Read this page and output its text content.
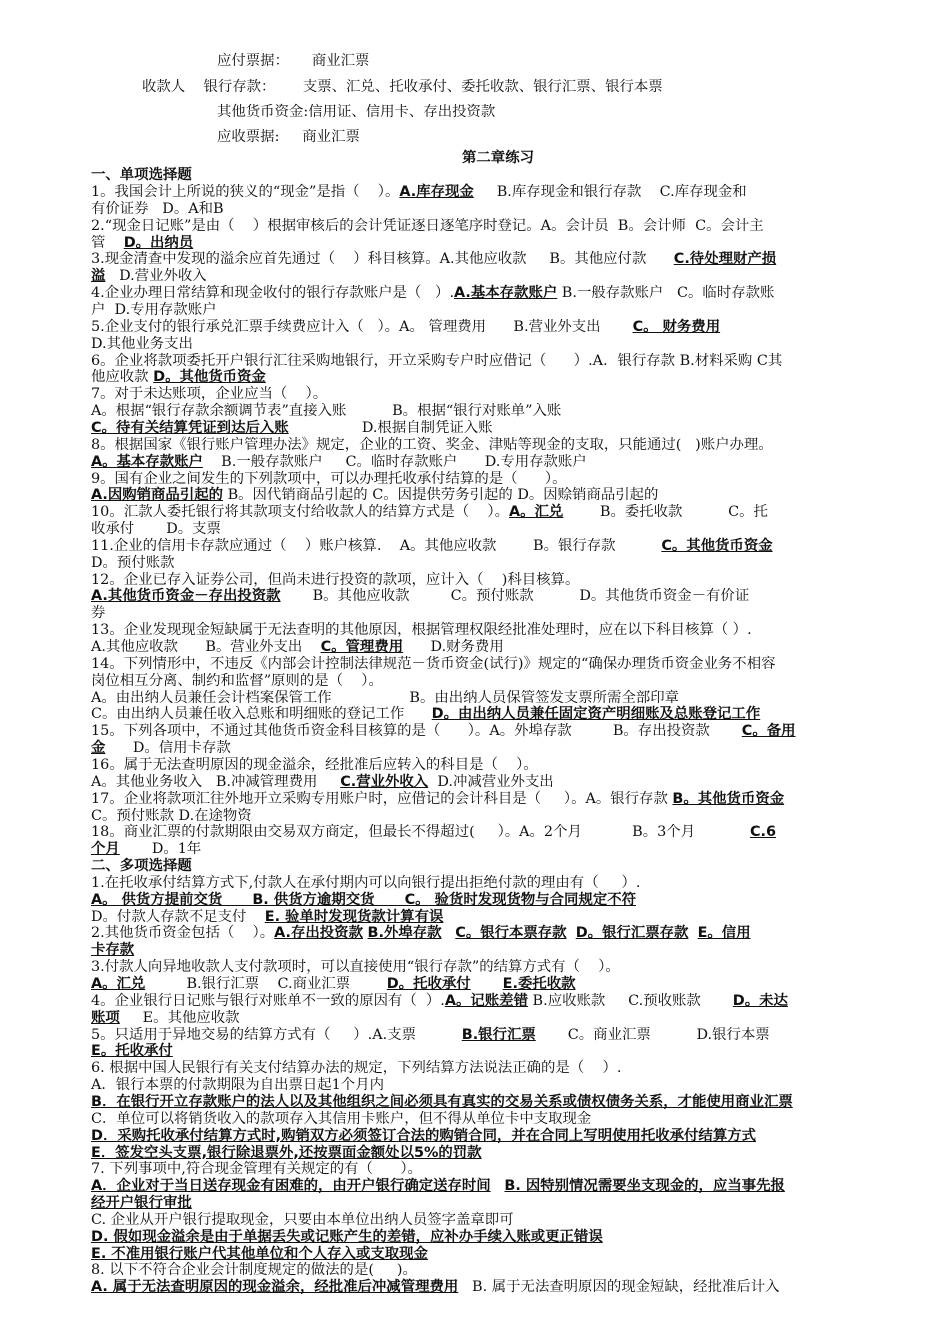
应付票据：     商业汇票
收款人    银行存款：      支票、汇兑、托收承付、委托收款、银行汇票、银行本票
其他货币资金:信用证、信用卡、存出投资款
应收票据:     商业汇票
第二章练习
一、单项选择题
1。我国会计上所说的狭义的“现金”是指（    ）。A.库存现金     B.库存现金和银行存款    C.库存现金和
有价证券   D。A和B
2.“现金日记账”是由（    ）根据审核后的会计凭证逐日逐笔序时登记。A。会计员  B。会计师  C。会计主
管    D。出纳员
3.现金清查中发现的溢余应首先通过（    ）科目核算。A.其他应收款     B。其他应付款      C.待处理财产损
溢   D.营业外收入
4.企业办理日常结算和现金收付的银行存款账户是（   ）.A.基本存款账户 B.一般存款账户   C。临时存款账
户  D.专用存款账户
5.企业支付的银行承兑汇票手续费应计入（   ）。A。 管理费用      B.营业外支出       C。 财务费用
D.其他业务支出
6。企业将款项委托开户银行汇往采购地银行，开立采购专户时应借记（      ）.A．银行存款 B.材料采购 C其
他应收款 D。其他货币资金
7。对于未达账项，企业应当（    ）。
A。根据“银行存款余额调节表”直接入账          B。根据“银行对账单”入账
C。待有关结算凭证到达后入账                D.根据自制凭证入账
8。根据国家《银行账户管理办法》规定，企业的工资、奖金、津贴等现金的支取，只能通过(   )账户办理。
A。基本存款账户    B.一般存款账户     C。临时存款账户      D.专用存款账户
9。国有企业之间发生的下列款项中，可以办理托收承付结算的是（      ）。
A.因购销商品引起的 B。因代销商品引起的 C。因提供劳务引起的 D。因赊销商品引起的
10。汇款人委托银行将其款项支付给收款人的结算方式是（    ）。A。汇兑        B。委托收款          C。托
收承付       D。支票
11.企业的信用卡存款应通过（    ）账户核算.    A。其他应收款        B。银行存款          C。其他货币资金
D。预付账款
12。企业已存入证券公司，但尚未进行投资的款项，应计入（    )科目核算。
A.其他货币资金－存出投资款       B。其他应收款         C。预付账款          D。其他货币资金－有价证
券
13。企业发现现金短缺属于无法查明的其他原因，根据管理权限经批准处理时，应在以下科目核算（ ）.
A.其他应收款      B。营业外支出    C。管理费用      D.财务费用
14。下列情形中，不违反《内部会计控制法律规范－货币资金(试行)》规定的“确保办理货币资金业务不相容
岗位相互分离、制约和监督”原则的是（    ）。
A。由出纳人员兼任会计档案保管工作                 B。由出纳人员保管签发支票所需全部印章
C。由出纳人员兼任收入总账和明细账的登记工作      D。由出纳人员兼任固定资产明细账及总账登记工作
15。下列各项中，不通过其他货币资金科目核算的是（      ）。A。外埠存款         B。存出投资款       C。备用
金      D。信用卡存款
16。属于无法查明原因的现金溢余，经批准后应转入的科目是（    ）。
A。其他业务收入   B.冲减管理费用     C.营业外收入  D.冲减营业外支出
17。企业将款项汇往外地开立采购专用账户时，应借记的会计科目是（     ）。A。银行存款 B。其他货币资金
C。预付账款 D.在途物资
18。商业汇票的付款期限由交易双方商定，但最长不得超过(     ）。A。2个月           B。3个月            C.6
个月       D。1年
二、多项选择题
1.在托收承付结算方式下,付款人在承付期内可以向银行提出拒绝付款的理由有（     ）.
A。 供货方提前交货      B. 供货方逾期交货      C。 验货时发现货物与合同规定不符
D。付款人存款不足支付    E. 验单时发现货款计算有误
2.其他货币资金包括（    ）。A.存出投资款 B.外埠存款 C。银行本票存款 D。银行汇票存款 E。信用
卡存款
3.付款人向异地收款人支付款项时，可以直接使用“银行存款”的结算方式有（    ）。
A。汇兑         B.银行汇票    C.商业汇票        D。托收承付 E.委托收款
4。企业银行日记账与银行对账单不一致的原因有（  ）.A。记账差错 B.应收账款     C.预收账款       D。未达
账项     E。其他应收款
5。只适用于异地交易的结算方式有（     ）.A.支票          B.银行汇票       C。商业汇票          D.银行本票
E。托收承付
6. 根据中国人民银行有关支付结算办法的规定，下列结算方法说法正确的是（    ）.
A．银行本票的付款期限为自出票日起1个月内
B．在银行开立存款账户的法人以及其他组织之间必须具有真实的交易关系或债权债务关系，才能使用商业汇票
C．单位可以将销货收入的款项存入其信用卡账户，但不得从单位卡中支取现金
D．采购托收承付结算方式时,购销双方必须签订合法的购销合同，并在合同上写明使用托收承付结算方式
E．签发空头支票,银行除退票外,还按票面金额处以5%的罚款
7. 下列事项中,符合现金管理有关规定的有（      ）。
A．企业对于当日送存现金有困难的，由开户银行确定送存时间 B. 因特别情况需要坐支现金的，应当事先报
经开户银行审批
C. 企业从开户银行提取现金，只要由本单位出纳人员签字盖章即可
D. 假如现金溢余是由于单据丢失或记账产生的差错，应补办手续入账或更正错误
E. 不准用银行账户代其他单位和个人存入或支取现金
8. 以下不符合企业会计制度规定的做法的是(     )。
A. 属于无法查明原因的现金溢余，经批准后冲减管理费用   B. 属于无法查明原因的现金短缺，经批准后计入
